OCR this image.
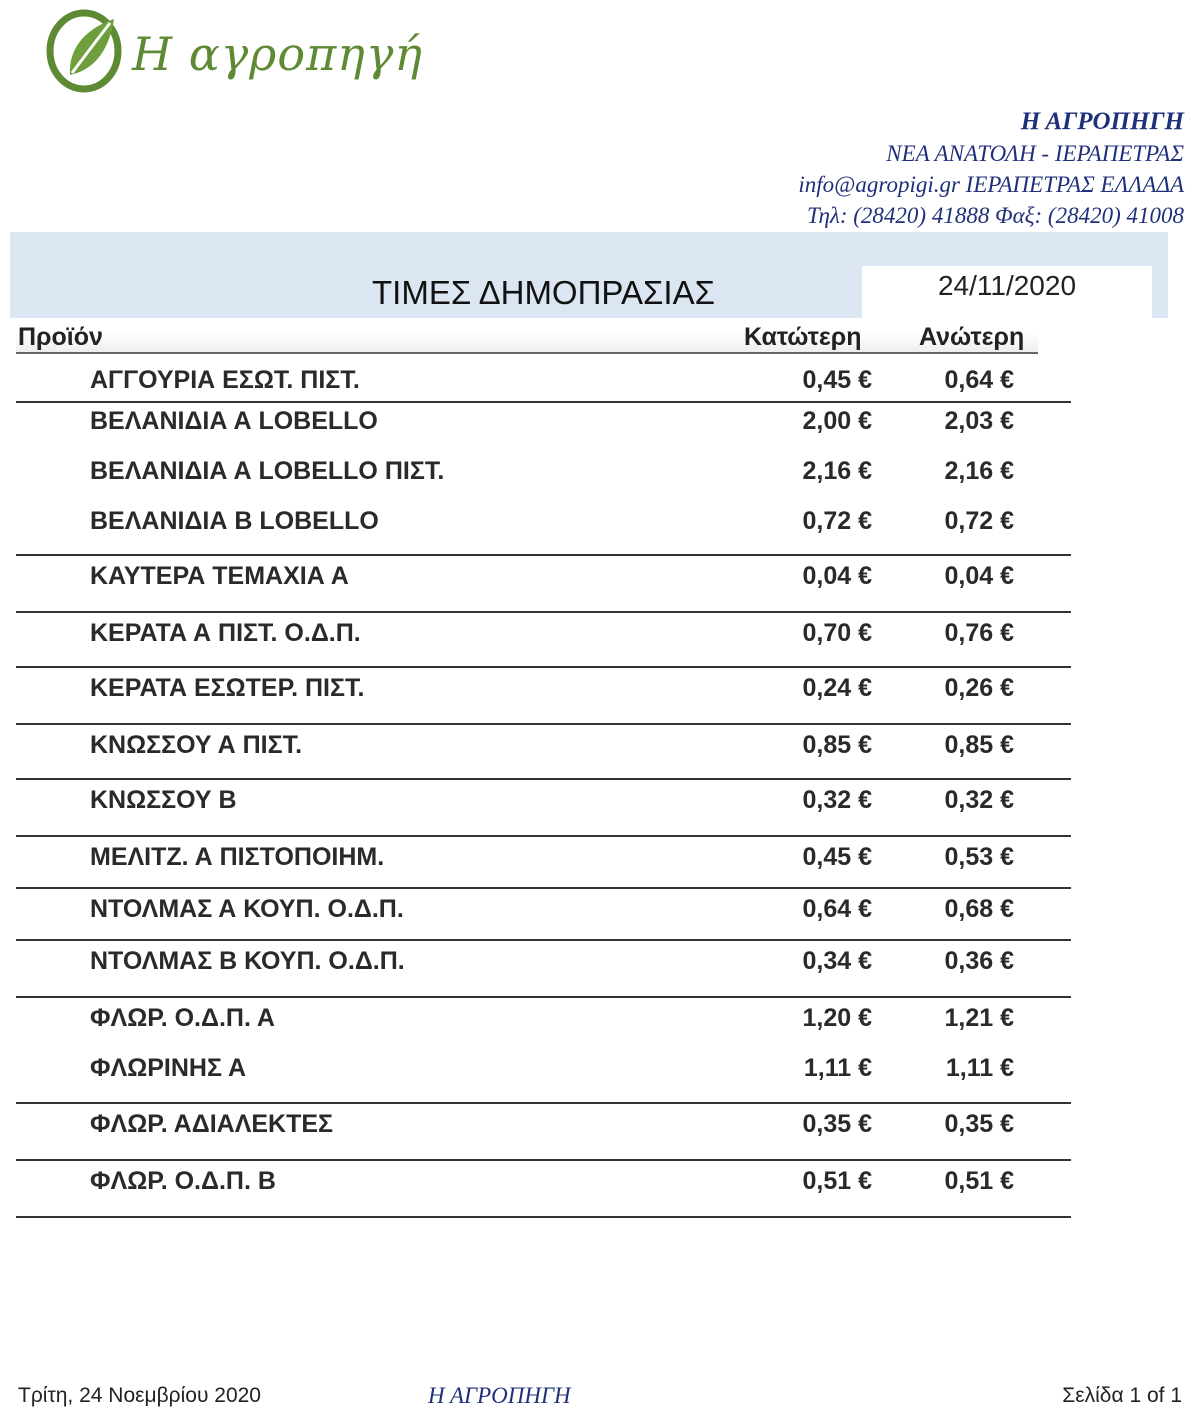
Η αγροπηγή
Η ΑΓΡΟΠΗΓΗ
ΝΕΑ ΑΝΑΤΟΛΗ - ΙΕΡΑΠΕΤΡΑΣ
info@agropigi.gr ΙΕΡΑΠΕΤΡΑΣ ΕΛΛΑΔΑ
Τηλ: (28420) 41888 Φαξ: (28420) 41008
24/11/2020
ΤΙΜΕΣ ΔΗΜΟΠΡΑΣΙΑΣ
Προϊόν	Κατώτερη Ανώτερη
ΑΓΓΟΥΡΙΑ ΕΣΩΤ. ΠΙΣΤ.	0,45 €	0,64 €
ΒΕΛΑΝΙΔΙΑ Α LOBELLO	2,00 €	2,03 €
ΒΕΛΑΝΙΔΙΑ Α LOBELLO ΠΙΣΤ.	2,16 €	2,16 €
ΒΕΛΑΝΙΔΙΑ Β LOBELLO	0,72 €	0,72 €
ΚΑΥΤΕΡΑ ΤΕΜΑΧΙΑ Α	0,04 €	0,04 €
ΚΕΡΑΤΑ Α ΠΙΣΤ. Ο.Δ.Π.	0,70 €	0,76 €
ΚΕΡΑΤΑ ΕΣΩΤΕΡ. ΠΙΣΤ.	0,24 €	0,26 €
ΚΝΩΣΣΟΥ Α ΠΙΣΤ.	0,85 €	0,85 €
ΚΝΩΣΣΟΥ Β	0,32 €	0,32 €
ΜΕΛΙΤΖ. Α ΠΙΣΤΟΠΟΙΗΜ.	0,45 €	0,53 €
ΝΤΟΛΜΑΣ Α ΚΟΥΠ. Ο.Δ.Π.	0,64 €	0,68 €
ΝΤΟΛΜΑΣ Β ΚΟΥΠ. Ο.Δ.Π.	0,34 €	0,36 €
ΦΛΩΡ. Ο.Δ.Π. Α	1,20 €	1,21 €
ΦΛΩΡΙΝΗΣ Α	1,11 €	1,11 €
ΦΛΩΡ. ΑΔΙΑΛΕΚΤΕΣ	0,35 €	0,35 €
ΦΛΩΡ. Ο.Δ.Π. Β	0,51 €	0,51 €
Τρίτη, 24 Νοεμβρίου 2020	Η ΑΓΡΟΠΗΓΗ	Σελίδα 1 of 1
